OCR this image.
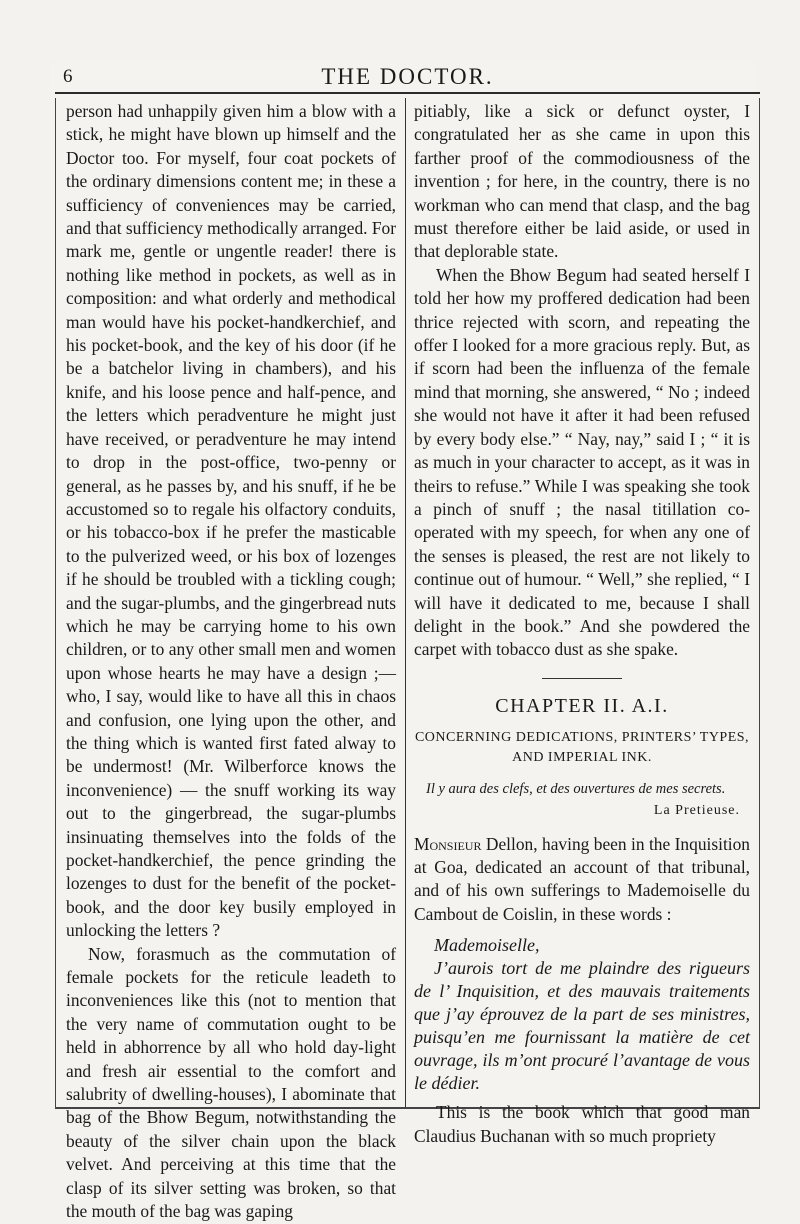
6	THE DOCTOR.

person had unhappily given him a blow with a stick, he might have blown up himself and the Doctor too. For myself, four coat pockets of the ordinary dimensions content me; in these a sufficiency of conveniences may be carried, and that sufficiency methodically arranged. For mark me, gentle or ungentle reader! there is nothing like method in pockets, as well as in composition: and what orderly and methodical man would have his pocket-handkerchief, and his pocket-book, and the key of his door (if he be a batchelor living in chambers), and his knife, and his loose pence and half-pence, and the letters which peradventure he might just have received, or peradventure he may intend to drop in the post-office, two-penny or general, as he passes by, and his snuff, if he be accustomed so to regale his olfactory conduits, or his tobacco-box if he prefer the masticable to the pulverized weed, or his box of lozenges if he should be troubled with a tickling cough; and the sugar-plumbs, and the gingerbread nuts which he may be carrying home to his own children, or to any other small men and women upon whose hearts he may have a design ;—who, I say, would like to have all this in chaos and confusion, one lying upon the other, and the thing which is wanted first fated alway to be undermost! (Mr. Wilberforce knows the inconvenience) — the snuff working its way out to the gingerbread, the sugar-plumbs insinuating themselves into the folds of the pocket-handkerchief, the pence grinding the lozenges to dust for the benefit of the pocket-book, and the door key busily employed in unlocking the letters ?

Now, forasmuch as the commutation of female pockets for the reticule leadeth to inconveniences like this (not to mention that the very name of commutation ought to be held in abhorrence by all who hold day-light and fresh air essential to the comfort and salubrity of dwelling-houses), I abominate that bag of the Bhow Begum, notwithstanding the beauty of the silver chain upon the black velvet. And perceiving at this time that the clasp of its silver setting was broken, so that the mouth of the bag was gaping

pitiably, like a sick or defunct oyster, I congratulated her as she came in upon this farther proof of the commodiousness of the invention ; for here, in the country, there is no workman who can mend that clasp, and the bag must therefore either be laid aside, or used in that deplorable state.

When the Bhow Begum had seated herself I told her how my proffered dedication had been thrice rejected with scorn, and repeating the offer I looked for a more gracious reply. But, as if scorn had been the influenza of the female mind that morning, she answered, “ No ; indeed she would not have it after it had been refused by every body else.” “ Nay, nay,” said I ; “ it is as much in your character to accept, as it was in theirs to refuse.” While I was speaking she took a pinch of snuff ; the nasal titillation co-operated with my speech, for when any one of the senses is pleased, the rest are not likely to continue out of humour. “ Well,” she replied, “ I will have it dedicated to me, because I shall delight in the book.” And she powdered the carpet with tobacco dust as she spake.

CHAPTER II. A.I.
CONCERNING DEDICATIONS, PRINTERS’ TYPES, AND IMPERIAL INK.
Il y aura des clefs, et des ouvertures de mes secrets.
La Pretieuse.

Monsieur Dellon, having been in the Inquisition at Goa, dedicated an account of that tribunal, and of his own sufferings to Mademoiselle du Cambout de Coislin, in these words :

Mademoiselle,

J’aurois tort de me plaindre des rigueurs de l’ Inquisition, et des mauvais traitements que j’ay éprouvez de la part de ses ministres, puisqu’en me fournissant la matière de cet ouvrage, ils m’ont procuré l’avantage de vous le dédier.

This is the book which that good man Claudius Buchanan with so much propriety
